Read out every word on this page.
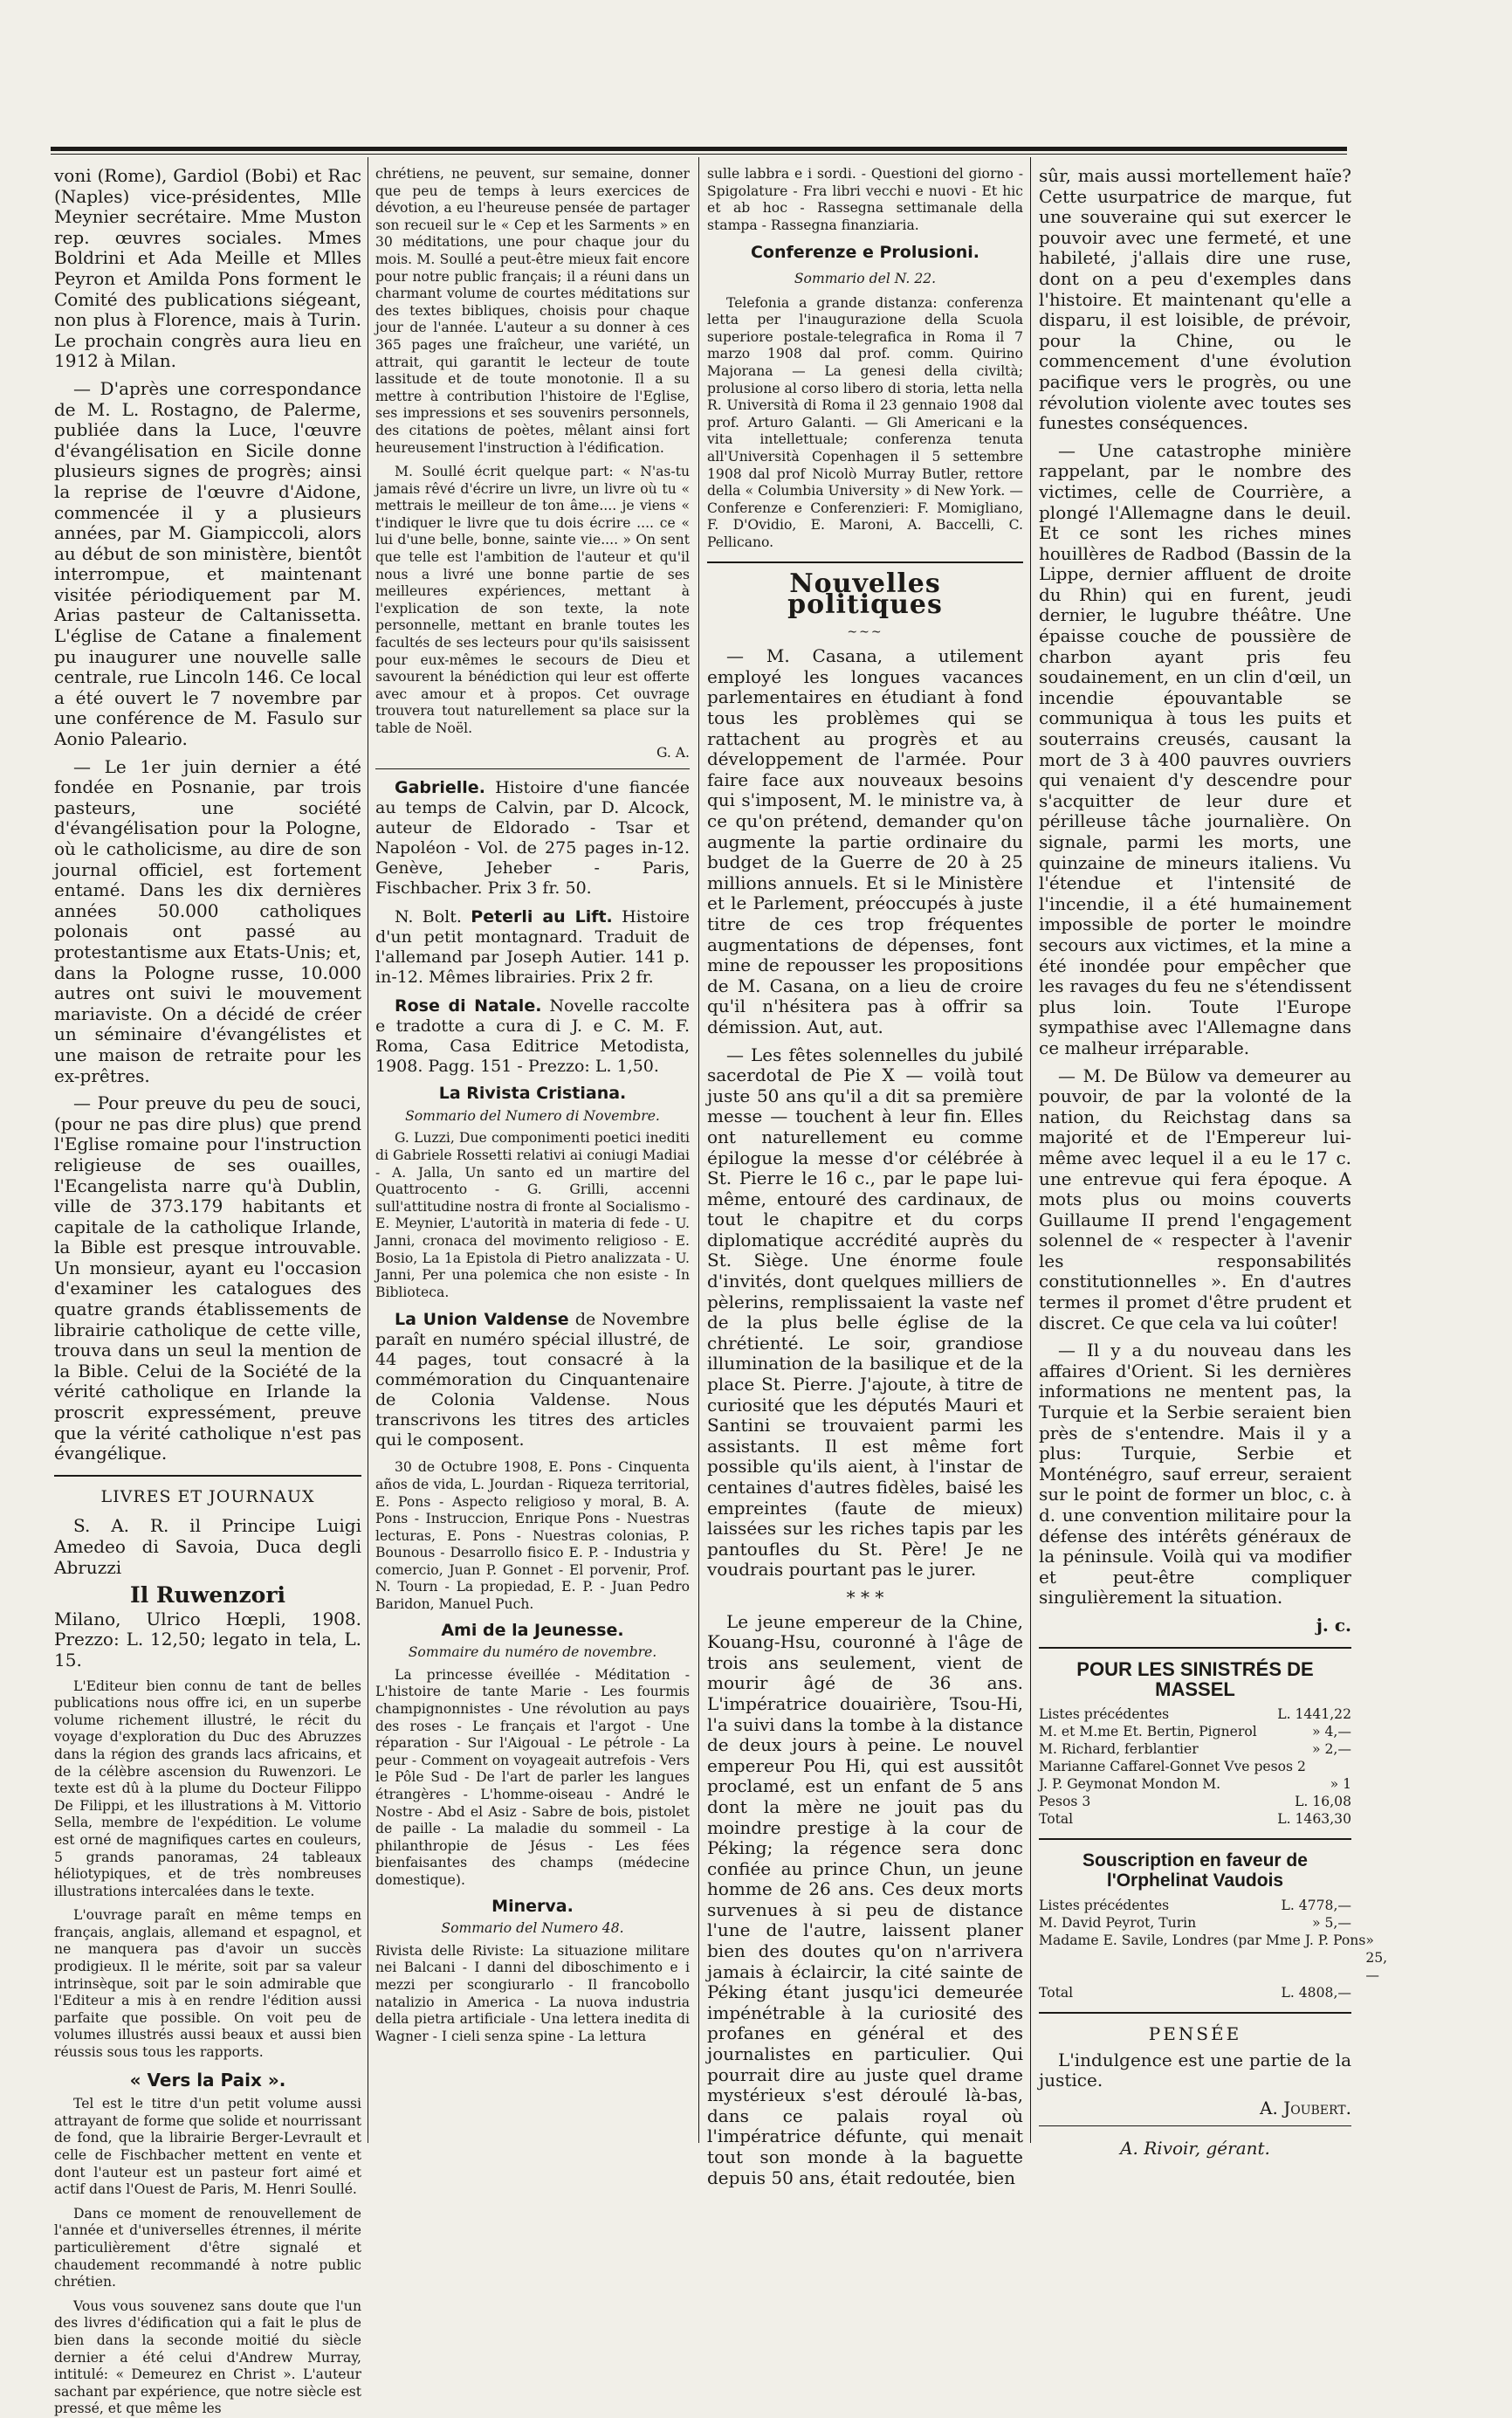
voni (Rome), Gardiol (Bobi) et Rac (Naples) vice-présidentes, Mlle Meynier secrétaire. Mme Muston rep. œuvres sociales. Mmes Boldrini et Ada Meille et Mlles Peyron et Amilda Pons forment le Comité des publications siégeant, non plus à Florence, mais à Turin. Le prochain congrès aura lieu en 1912 à Milan.

— D'après une correspondance de M. L. Rostagno, de Palerme, publiée dans la Luce, l'œuvre d'évangélisation en Sicile donne plusieurs signes de progrès; ainsi la reprise de l'œuvre d'Aidone, commencée il y a plusieurs années, par M. Giampiccoli, alors au début de son ministère, bientôt interrompue, et maintenant visitée périodiquement par M. Arias pasteur de Caltanissetta. L'église de Catane a finalement pu inaugurer une nouvelle salle centrale, rue Lincoln 146. Ce local a été ouvert le 7 novembre par une conférence de M. Fasulo sur Aonio Paleario.

— Le 1er juin dernier a été fondée en Posnanie, par trois pasteurs, une société d'évangélisation pour la Pologne, où le catholicisme, au dire de son journal officiel, est fortement entamé. Dans les dix dernières années 50.000 catholiques polonais ont passé au protestantisme aux Etats-Unis; et, dans la Pologne russe, 10.000 autres ont suivi le mouvement mariaviste. On a décidé de créer un séminaire d'évangélistes et une maison de retraite pour les ex-prêtres.

— Pour preuve du peu de souci, (pour ne pas dire plus) que prend l'Eglise romaine pour l'instruction religieuse de ses ouailles, l'Ecangelista narre qu'à Dublin, ville de 373.179 habitants et capitale de la catholique Irlande, la Bible est presque introuvable. Un monsieur, ayant eu l'occasion d'examiner les catalogues des quatre grands établissements de librairie catholique de cette ville, trouva dans un seul la mention de la Bible. Celui de la Société de la vérité catholique en Irlande la proscrit expressément, preuve que la vérité catholique n'est pas évangélique.

LIVRES ET JOURNAUX

S. A. R. il Principe Luigi Amedeo di Savoia, Duca degli Abruzzi

Il Ruwenzori

Milano, Ulrico Hœpli, 1908. Prezzo: L. 12,50; legato in tela, L. 15.

L'Editeur bien connu de tant de belles publications nous offre ici, en un superbe volume richement illustré, le récit du voyage d'exploration du Duc des Abruzzes dans la région des grands lacs africains, et de la célèbre ascension du Ruwenzori. Le texte est dû à la plume du Docteur Filippo De Filippi, et les illustrations à M. Vittorio Sella, membre de l'expédition. Le volume est orné de magnifiques cartes en couleurs, 5 grands panoramas, 24 tableaux héliotypiques, et de très nombreuses illustrations intercalées dans le texte.

L'ouvrage paraît en même temps en français, anglais, allemand et espagnol, et ne manquera pas d'avoir un succès prodigieux. Il le mérite, soit par sa valeur intrinsèque, soit par le soin admirable que l'Editeur a mis à en rendre l'édition aussi parfaite que possible. On voit peu de volumes illustrés aussi beaux et aussi bien réussis sous tous les rapports.

« Vers la Paix ».

Tel est le titre d'un petit volume aussi attrayant de forme que solide et nourrissant de fond, que la librairie Berger-Levrault et celle de Fischbacher mettent en vente et dont l'auteur est un pasteur fort aimé et actif dans l'Ouest de Paris, M. Henri Soullé.

Dans ce moment de renouvellement de l'année et d'universelles étrennes, il mérite particulièrement d'être signalé et chaudement recommandé à notre public chrétien.

Vous vous souvenez sans doute que l'un des livres d'édification qui a fait le plus de bien dans la seconde moitié du siècle dernier a été celui d'Andrew Murray, intitulé: « Demeurez en Christ ». L'auteur sachant par expérience, que notre siècle est pressé, et que même les

chrétiens, ne peuvent, sur semaine, donner que peu de temps à leurs exercices de dévotion, a eu l'heureuse pensée de partager son recueil sur le « Cep et les Sarments » en 30 méditations, une pour chaque jour du mois. M. Soullé a peut-être mieux fait encore pour notre public français; il a réuni dans un charmant volume de courtes méditations sur des textes bibliques, choisis pour chaque jour de l'année. L'auteur a su donner à ces 365 pages une fraîcheur, une variété, un attrait, qui garantit le lecteur de toute lassitude et de toute monotonie. Il a su mettre à contribution l'histoire de l'Eglise, ses impressions et ses souvenirs personnels, des citations de poètes, mêlant ainsi fort heureusement l'instruction à l'édification.

M. Soullé écrit quelque part: « N'as-tu jamais rêvé d'écrire un livre, un livre où tu « mettrais le meilleur de ton âme.... je viens « t'indiquer le livre que tu dois écrire .... ce « lui d'une belle, bonne, sainte vie.... » On sent que telle est l'ambition de l'auteur et qu'il nous a livré une bonne partie de ses meilleures expériences, mettant à l'explication de son texte, la note personnelle, mettant en branle toutes les facultés de ses lecteurs pour qu'ils saisissent pour eux-mêmes le secours de Dieu et savourent la bénédiction qui leur est offerte avec amour et à propos. Cet ouvrage trouvera tout naturellement sa place sur la table de Noël.

G. A.

Gabrielle. Histoire d'une fiancée au temps de Calvin, par D. Alcock, auteur de Eldorado - Tsar et Napoléon - Vol. de 275 pages in-12. Genève, Jeheber - Paris, Fischbacher. Prix 3 fr. 50.

N. Bolt. Peterli au Lift. Histoire d'un petit montagnard. Traduit de l'allemand par Joseph Autier. 141 p. in-12. Mêmes librairies. Prix 2 fr.

Rose di Natale. Novelle raccolte e tradotte a cura di J. e C. M. F. Roma, Casa Editrice Metodista, 1908. Pagg. 151 - Prezzo: L. 1,50.

La Rivista Cristiana.
Sommario del Numero di Novembre.

G. Luzzi, Due componimenti poetici inediti di Gabriele Rossetti relativi ai coniugi Madiai - A. Jalla, Un santo ed un martire del Quattrocento - G. Grilli, accenni sull'attitudine nostra di fronte al Socialismo - E. Meynier, L'autorità in materia di fede - U. Janni, cronaca del movimento religioso - E. Bosio, La 1a Epistola di Pietro analizzata - U. Janni, Per una polemica che non esiste - In Biblioteca.

La Union Valdense de Novembre paraît en numéro spécial illustré, de 44 pages, tout consacré à la commémoration du Cinquantenaire de Colonia Valdense. Nous transcrivons les titres des articles qui le composent.

30 de Octubre 1908, E. Pons - Cinquenta años de vida, L. Jourdan - Riqueza territorial, E. Pons - Aspecto religioso y moral, B. A. Pons - Instruccion, Enrique Pons - Nuestras lecturas, E. Pons - Nuestras colonias, P. Bounous - Desarrollo fisico E. P. - Industria y comercio, Juan P. Gonnet - El porvenir, Prof. N. Tourn - La propiedad, E. P. - Juan Pedro Baridon, Manuel Puch.

Ami de la Jeunesse.
Sommaire du numéro de novembre.

La princesse éveillée - Méditation - L'histoire de tante Marie - Les fourmis champignonnistes - Une révolution au pays des roses - Le français et l'argot - Une réparation - Sur l'Aigoual - Le pétrole - La peur - Comment on voyageait autrefois - Vers le Pôle Sud - De l'art de parler les langues étrangères - L'homme-oiseau - André le Nostre - Abd el Asiz - Sabre de bois, pistolet de paille - La maladie du sommeil - La philanthropie de Jésus - Les fées bienfaisantes des champs (médecine domestique).

Minerva.
Sommario del Numero 48.

Rivista delle Riviste: La situazione militare nei Balcani - I danni del diboschimento e i mezzi per scongiurarlo - Il francobollo natalizio in America - La nuova industria della pietra artificiale - Una lettera inedita di Wagner - I cieli senza spine - La lettura

sulle labbra e i sordi. - Questioni del giorno - Spigolature - Fra libri vecchi e nuovi - Et hic et ab hoc - Rassegna settimanale della stampa - Rassegna finanziaria.

Conferenze e Prolusioni.
Sommario del N. 22.

Telefonia a grande distanza: conferenza letta per l'inaugurazione della Scuola superiore postale-telegrafica in Roma il 7 marzo 1908 dal prof. comm. Quirino Majorana — La genesi della civiltà; prolusione al corso libero di storia, letta nella R. Università di Roma il 23 gennaio 1908 dal prof. Arturo Galanti. — Gli Americani e la vita intellettuale; conferenza tenuta all'Università Copenhagen il 5 settembre 1908 dal prof Nicolò Murray Butler, rettore della « Columbia University » di New York. — Conferenze e Conferenzieri: F. Momigliano, F. D'Ovidio, E. Maroni, A. Baccelli, C. Pellicano.

Nouvelles politiques
~~~

— M. Casana, a utilement employé les longues vacances parlementaires en étudiant à fond tous les problèmes qui se rattachent au progrès et au développement de l'armée. Pour faire face aux nouveaux besoins qui s'imposent, M. le ministre va, à ce qu'on prétend, demander qu'on augmente la partie ordinaire du budget de la Guerre de 20 à 25 millions annuels. Et si le Ministère et le Parlement, préoccupés à juste titre de ces trop fréquentes augmentations de dépenses, font mine de repousser les propositions de M. Casana, on a lieu de croire qu'il n'hésitera pas à offrir sa démission. Aut, aut.

— Les fêtes solennelles du jubilé sacerdotal de Pie X — voilà tout juste 50 ans qu'il a dit sa première messe — touchent à leur fin. Elles ont naturellement eu comme épilogue la messe d'or célébrée à St. Pierre le 16 c., par le pape lui-même, entouré des cardinaux, de tout le chapitre et du corps diplomatique accrédité auprès du St. Siège. Une énorme foule d'invités, dont quelques milliers de pèlerins, remplissaient la vaste nef de la plus belle église de la chrétienté. Le soir, grandiose illumination de la basilique et de la place St. Pierre. J'ajoute, à titre de curiosité que les députés Mauri et Santini se trouvaient parmi les assistants. Il est même fort possible qu'ils aient, à l'instar de centaines d'autres fidèles, baisé les empreintes (faute de mieux) laissées sur les riches tapis par les pantoufles du St. Père! Je ne voudrais pourtant pas le jurer.

* * *

Le jeune empereur de la Chine, Kouang-Hsu, couronné à l'âge de trois ans seulement, vient de mourir âgé de 36 ans. L'impératrice douairière, Tsou-Hi, l'a suivi dans la tombe à la distance de deux jours à peine. Le nouvel empereur Pou Hi, qui est aussitôt proclamé, est un enfant de 5 ans dont la mère ne jouit pas du moindre prestige à la cour de Péking; la régence sera donc confiée au prince Chun, un jeune homme de 26 ans. Ces deux morts survenues à si peu de distance l'une de l'autre, laissent planer bien des doutes qu'on n'arrivera jamais à éclaircir, la cité sainte de Péking étant jusqu'ici demeurée impénétrable à la curiosité des profanes en général et des journalistes en particulier. Qui pourrait dire au juste quel drame mystérieux s'est déroulé là-bas, dans ce palais royal où l'impératrice défunte, qui menait tout son monde à la baguette depuis 50 ans, était redoutée, bien

sûr, mais aussi mortellement haïe? Cette usurpatrice de marque, fut une souveraine qui sut exercer le pouvoir avec une fermeté, et une habileté, j'allais dire une ruse, dont on a peu d'exemples dans l'histoire. Et maintenant qu'elle a disparu, il est loisible, de prévoir, pour la Chine, ou le commencement d'une évolution pacifique vers le progrès, ou une révolution violente avec toutes ses funestes conséquences.

— Une catastrophe minière rappelant, par le nombre des victimes, celle de Courrière, a plongé l'Allemagne dans le deuil. Et ce sont les riches mines houillères de Radbod (Bassin de la Lippe, dernier affluent de droite du Rhin) qui en furent, jeudi dernier, le lugubre théâtre. Une épaisse couche de poussière de charbon ayant pris feu soudainement, en un clin d'œil, un incendie épouvantable se communiqua à tous les puits et souterrains creusés, causant la mort de 3 à 400 pauvres ouvriers qui venaient d'y descendre pour s'acquitter de leur dure et périlleuse tâche journalière. On signale, parmi les morts, une quinzaine de mineurs italiens. Vu l'étendue et l'intensité de l'incendie, il a été humainement impossible de porter le moindre secours aux victimes, et la mine a été inondée pour empêcher que les ravages du feu ne s'étendissent plus loin. Toute l'Europe sympathise avec l'Allemagne dans ce malheur irréparable.

— M. De Bülow va demeurer au pouvoir, de par la volonté de la nation, du Reichstag dans sa majorité et de l'Empereur lui-même avec lequel il a eu le 17 c. une entrevue qui fera époque. A mots plus ou moins couverts Guillaume II prend l'engagement solennel de « respecter à l'avenir les responsabilités constitutionnelles ». En d'autres termes il promet d'être prudent et discret. Ce que cela va lui coûter!

— Il y a du nouveau dans les affaires d'Orient. Si les dernières informations ne mentent pas, la Turquie et la Serbie seraient bien près de s'entendre. Mais il y a plus: Turquie, Serbie et Monténégro, sauf erreur, seraient sur le point de former un bloc, c. à d. une convention militaire pour la défense des intérêts généraux de la péninsule. Voilà qui va modifier et peut-être compliquer singulièrement la situation.

j. c.
POUR LES SINISTRÉS DE MASSEL
Listes précédentes	L. 1441,22
M. et M.me Et. Bertin, Pignerol	» 4,—
M. Richard, ferblantier	» 2,—
Marianne Caffarel-Gonnet Vve pesos 2
J. P. Geymonat Mondon M.	» 1
Pesos 3	L. 16,08
Total	L. 1463,30
Souscription en faveur de l'Orphelinat Vaudois
Listes précédentes	L. 4778,—
M. David Peyrot, Turin	» 5,—
Madame E. Savile, Londres (par Mme J. P. Pons » 25,—
Total	L. 4808,—
PENSÉE

L'indulgence est une partie de la justice.

A. Joubert.
A. Rivoir, gérant.
